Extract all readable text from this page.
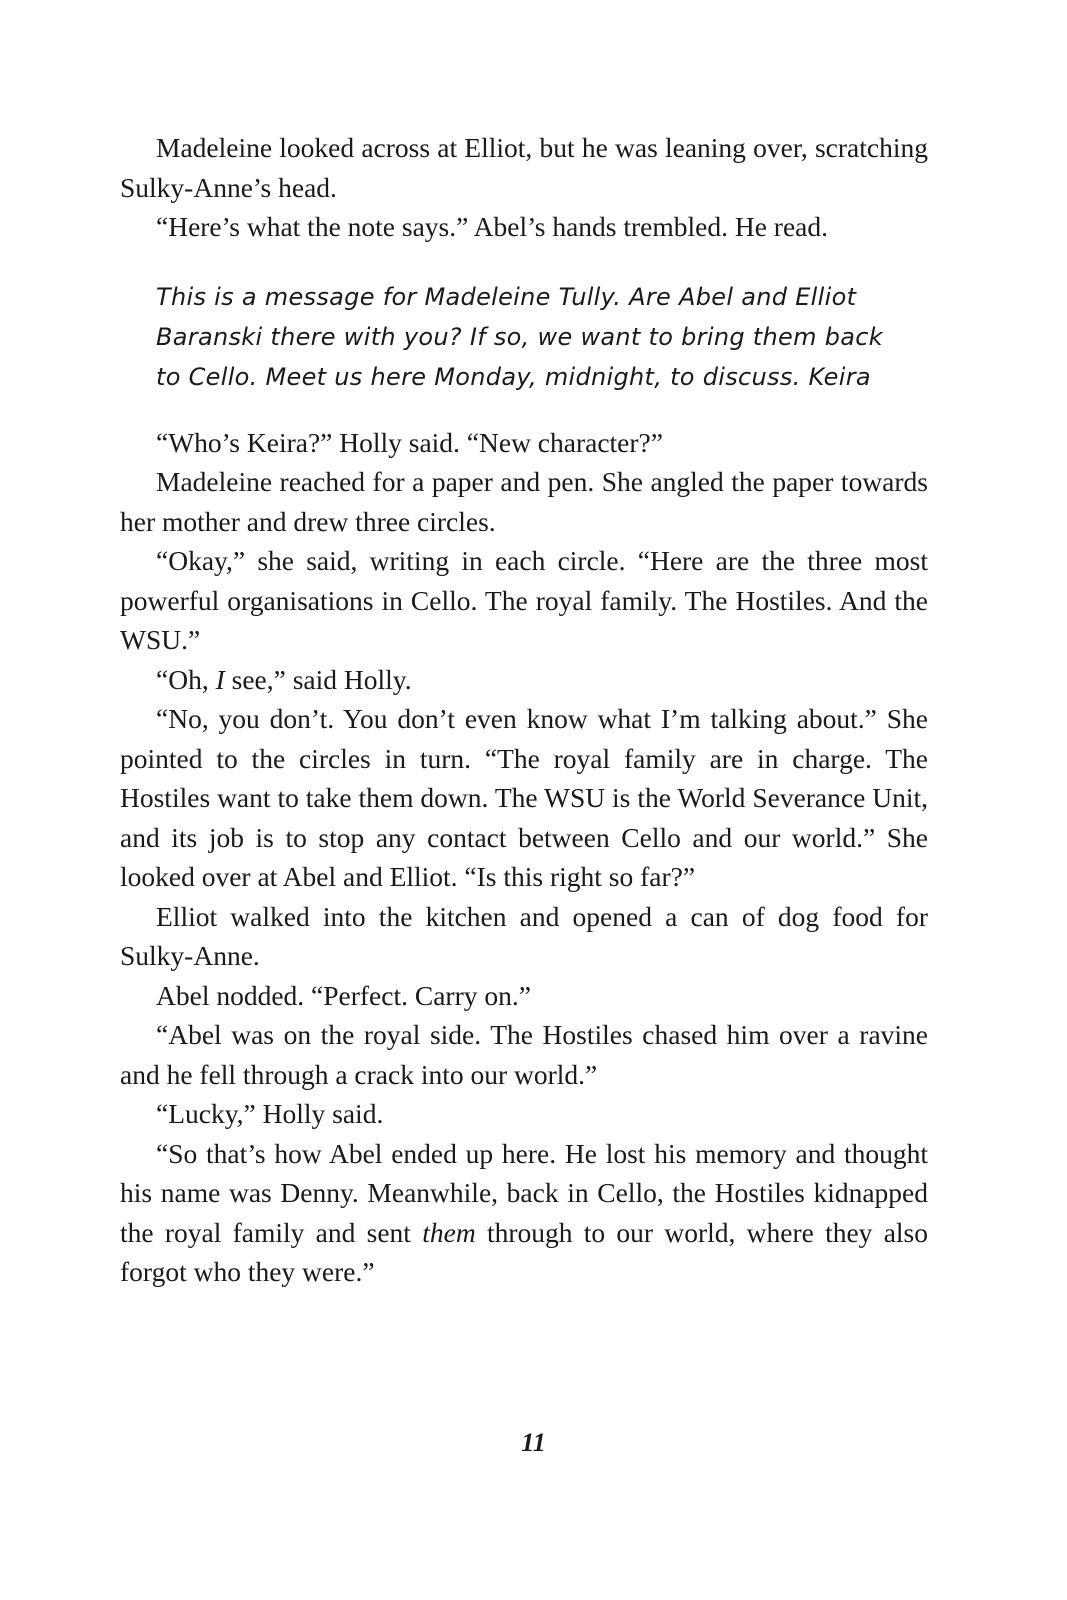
Madeleine looked across at Elliot, but he was leaning over, scratching Sulky-Anne’s head.

“Here’s what the note says.” Abel’s hands trembled. He read.

This is a message for Madeleine Tully. Are Abel and Elliot
Baranski there with you? If so, we want to bring them back
to Cello. Meet us here Monday, midnight, to discuss. Keira

“Who’s Keira?” Holly said. “New character?”

Madeleine reached for a paper and pen. She angled the paper towards her mother and drew three circles.

“Okay,” she said, writing in each circle. “Here are the three most powerful organisations in Cello. The royal family. The Hostiles. And the WSU.”

“Oh, I see,” said Holly.

“No, you don’t. You don’t even know what I’m talking about.” She pointed to the circles in turn. “The royal family are in charge. The Hostiles want to take them down. The WSU is the World Severance Unit, and its job is to stop any contact between Cello and our world.” She looked over at Abel and Elliot. “Is this right so far?”

Elliot walked into the kitchen and opened a can of dog food for Sulky-Anne.

Abel nodded. “Perfect. Carry on.”

“Abel was on the royal side. The Hostiles chased him over a ravine and he fell through a crack into our world.”

“Lucky,” Holly said.

“So that’s how Abel ended up here. He lost his memory and thought his name was Denny. Meanwhile, back in Cello, the Hostiles kidnapped the royal family and sent them through to our world, where they also forgot who they were.”

11
